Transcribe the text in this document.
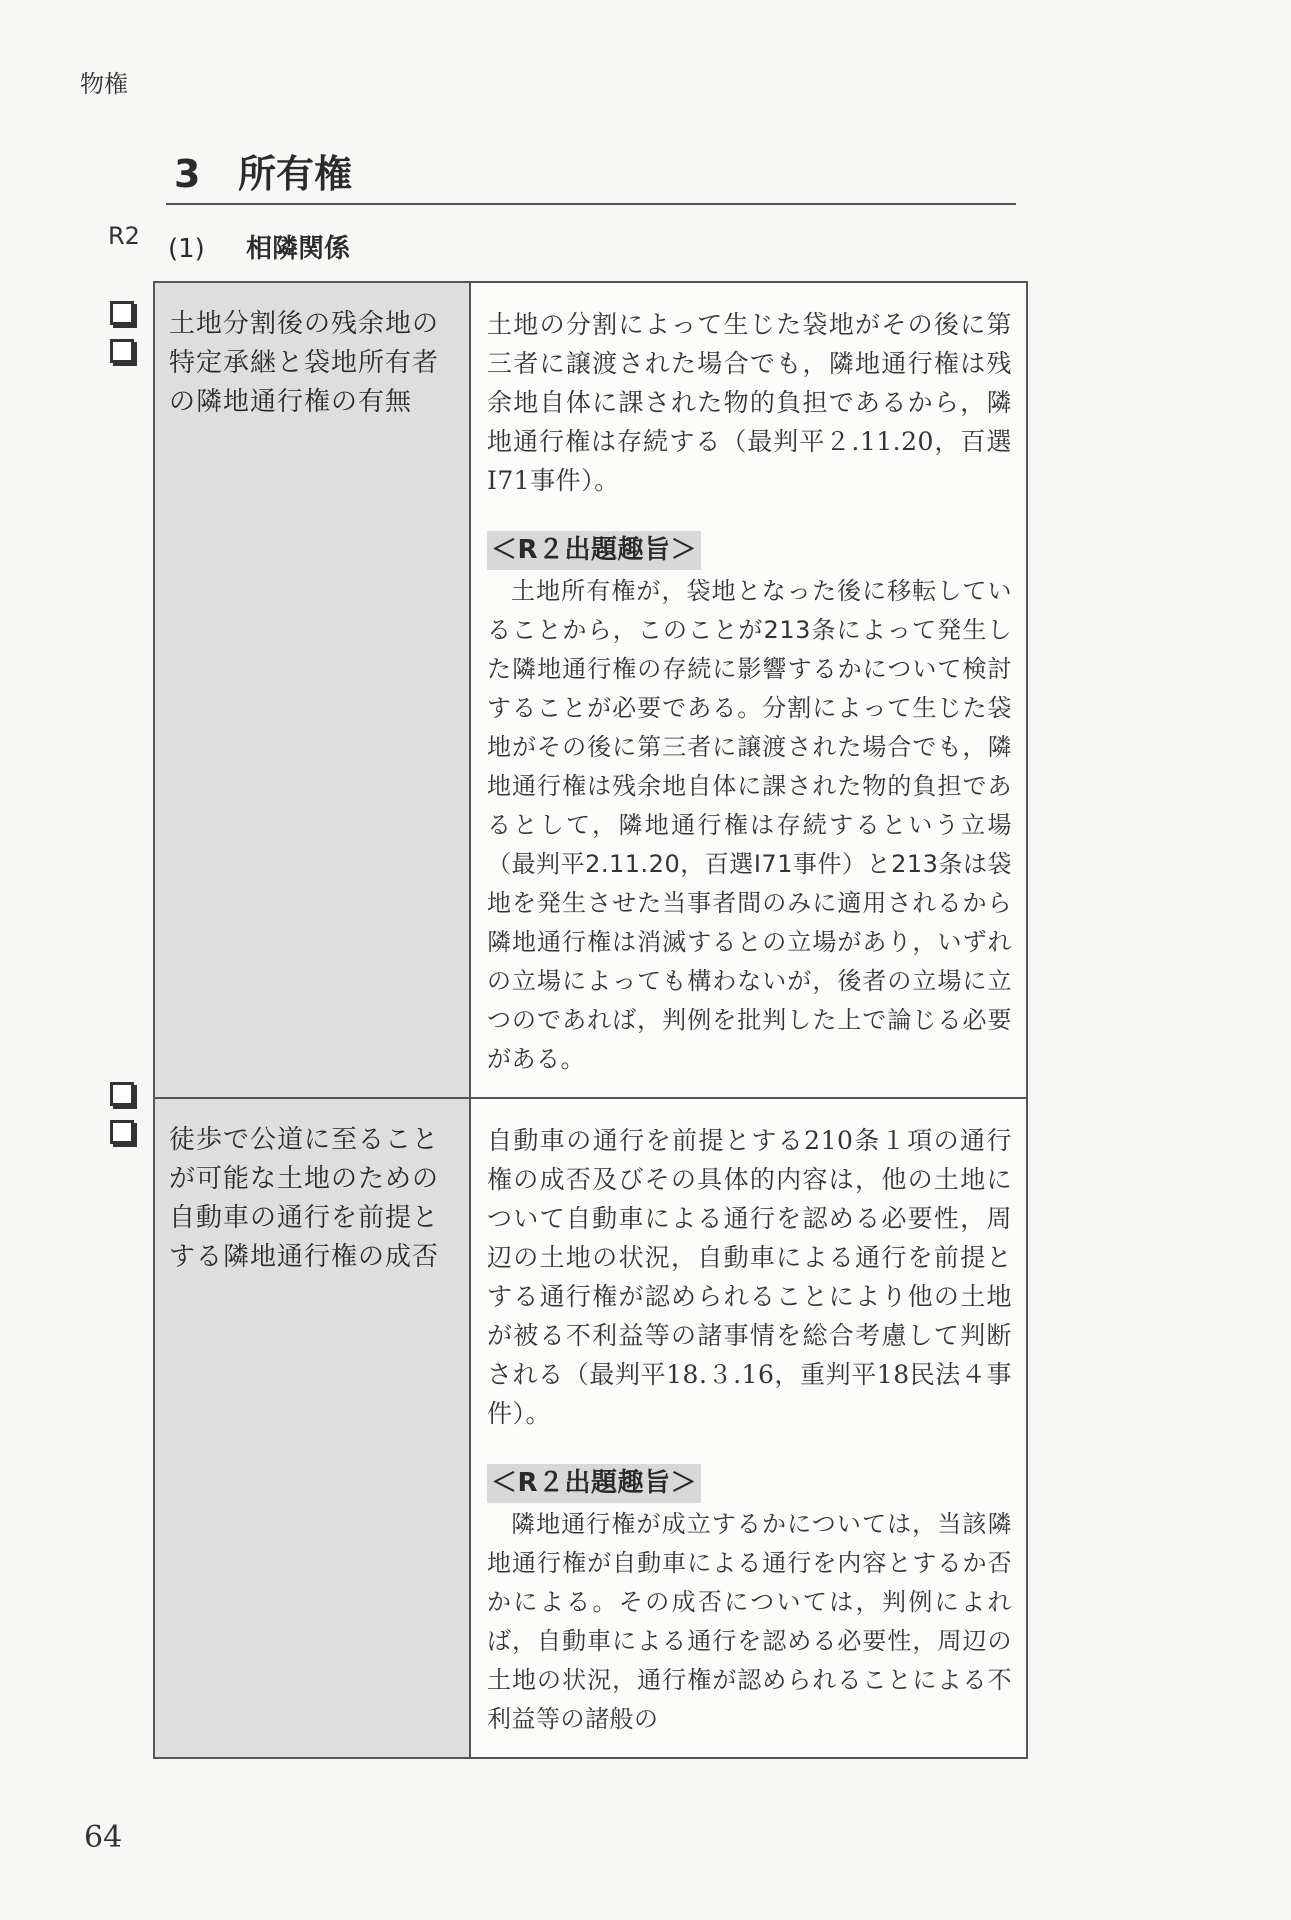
物権
3 所有権
R2 (1) 相隣関係
土地分割後の残余地の特定承継と袋地所有者の隣地通行権の有無	土地の分割によって生じた袋地がその後に第三者に譲渡された場合でも，隣地通行権は残余地自体に課された物的負担であるから，隣地通行権は存続する（最判平２.11.20，百選Ⅰ71事件）。

＜R２出題趣旨＞

土地所有権が，袋地となった後に移転していることから，このことが213条によって発生した隣地通行権の存続に影響するかについて検討することが必要である。分割によって生じた袋地がその後に第三者に譲渡された場合でも，隣地通行権は残余地自体に課された物的負担であるとして，隣地通行権は存続するという立場（最判平2.11.20，百選Ⅰ71事件）と213条は袋地を発生させた当事者間のみに適用されるから隣地通行権は消滅するとの立場があり，いずれの立場によっても構わないが，後者の立場に立つのであれば，判例を批判した上で論じる必要がある。

徒歩で公道に至ることが可能な土地のための自動車の通行を前提とする隣地通行権の成否	自動車の通行を前提とする210条１項の通行権の成否及びその具体的内容は，他の土地について自動車による通行を認める必要性，周辺の土地の状況，自動車による通行を前提とする通行権が認められることにより他の土地が被る不利益等の諸事情を総合考慮して判断される（最判平18.３.16，重判平18民法４事件）。

＜R２出題趣旨＞

隣地通行権が成立するかについては，当該隣地通行権が自動車による通行を内容とするか否かによる。その成否については，判例によれば，自動車による通行を認める必要性，周辺の土地の状況，通行権が認められることによる不利益等の諸般の

64
